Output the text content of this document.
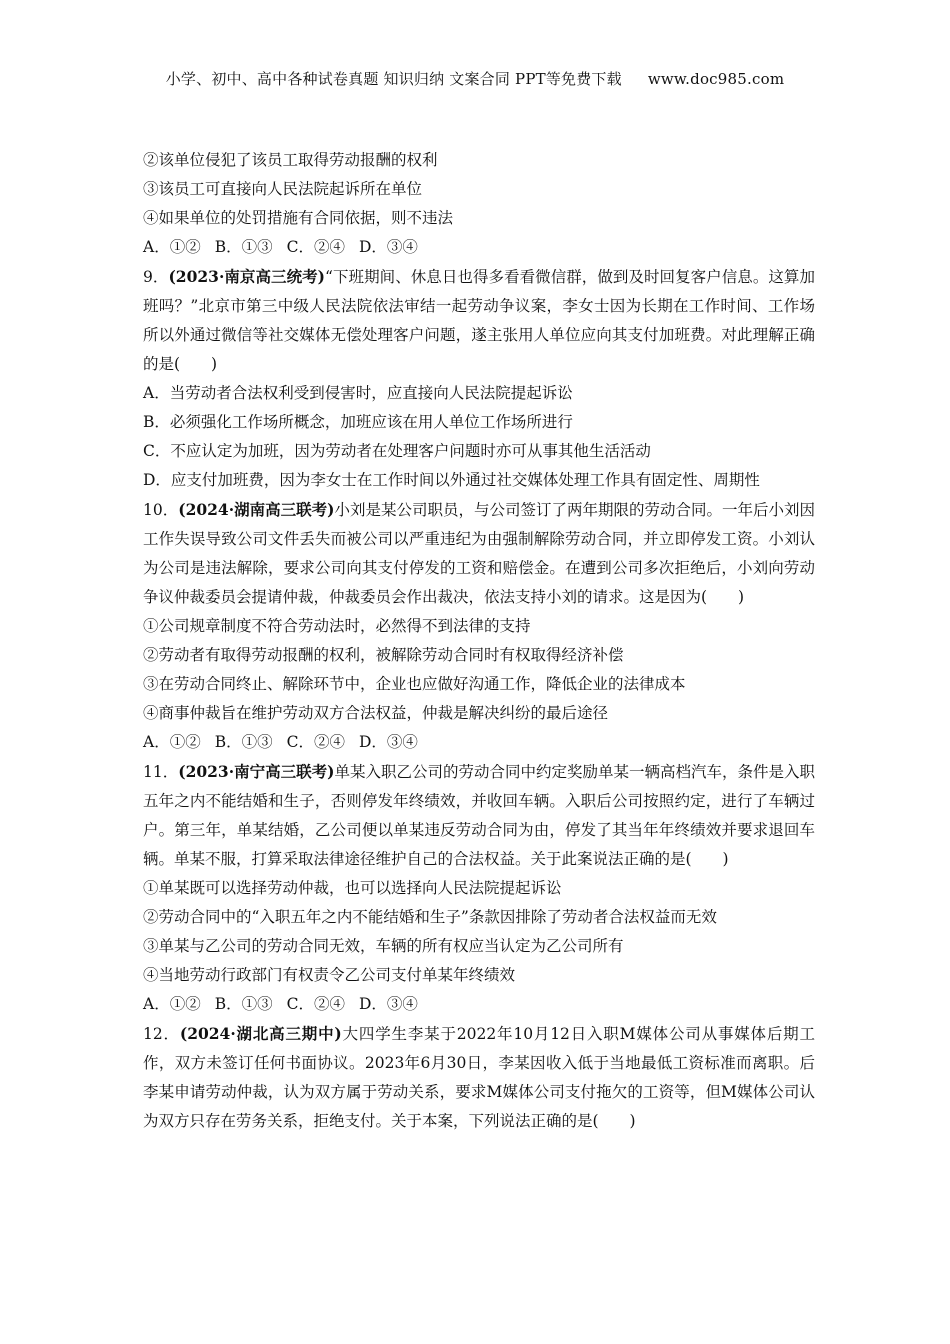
小学、初中、高中各种试卷真题 知识归纳 文案合同 PPT等免费下载 www.doc985.com
②该单位侵犯了该员工取得劳动报酬的权利
③该员工可直接向人民法院起诉所在单位
④如果单位的处罚措施有合同依据，则不违法
A．①② B．①③ C．②④ D．③④
9．(2023·南京高三统考)“下班期间、休息日也得多看看微信群，做到及时回复客户信息。这算加班吗？”北京市第三中级人民法院依法审结一起劳动争议案，李女士因为长期在工作时间、工作场所以外通过微信等社交媒体无偿处理客户问题，遂主张用人单位应向其支付加班费。对此理解正确的是(　　)
A．当劳动者合法权利受到侵害时，应直接向人民法院提起诉讼
B．必须强化工作场所概念，加班应该在用人单位工作场所进行
C．不应认定为加班，因为劳动者在处理客户问题时亦可从事其他生活活动
D．应支付加班费，因为李女士在工作时间以外通过社交媒体处理工作具有固定性、周期性
10．(2024·湖南高三联考)小刘是某公司职员，与公司签订了两年期限的劳动合同。一年后小刘因工作失误导致公司文件丢失而被公司以严重违纪为由强制解除劳动合同，并立即停发工资。小刘认为公司是违法解除，要求公司向其支付停发的工资和赔偿金。在遭到公司多次拒绝后，小刘向劳动争议仲裁委员会提请仲裁，仲裁委员会作出裁决，依法支持小刘的请求。这是因为(　　)
①公司规章制度不符合劳动法时，必然得不到法律的支持
②劳动者有取得劳动报酬的权利，被解除劳动合同时有权取得经济补偿
③在劳动合同终止、解除环节中，企业也应做好沟通工作，降低企业的法律成本
④商事仲裁旨在维护劳动双方合法权益，仲裁是解决纠纷的最后途径
A．①② B．①③ C．②④ D．③④
11．(2023·南宁高三联考)单某入职乙公司的劳动合同中约定奖励单某一辆高档汽车，条件是入职五年之内不能结婚和生子，否则停发年终绩效，并收回车辆。入职后公司按照约定，进行了车辆过户。第三年，单某结婚，乙公司便以单某违反劳动合同为由，停发了其当年年终绩效并要求退回车辆。单某不服，打算采取法律途径维护自己的合法权益。关于此案说法正确的是(　　)
①单某既可以选择劳动仲裁，也可以选择向人民法院提起诉讼
②劳动合同中的“入职五年之内不能结婚和生子”条款因排除了劳动者合法权益而无效
③单某与乙公司的劳动合同无效，车辆的所有权应当认定为乙公司所有
④当地劳动行政部门有权责令乙公司支付单某年终绩效
A．①② B．①③ C．②④ D．③④
12．(2024·湖北高三期中)大四学生李某于2022年10月12日入职M媒体公司从事媒体后期工作，双方未签订任何书面协议。2023年6月30日，李某因收入低于当地最低工资标准而离职。后李某申请劳动仲裁，认为双方属于劳动关系，要求M媒体公司支付拖欠的工资等，但M媒体公司认为双方只存在劳务关系，拒绝支付。关于本案，下列说法正确的是(　　)
